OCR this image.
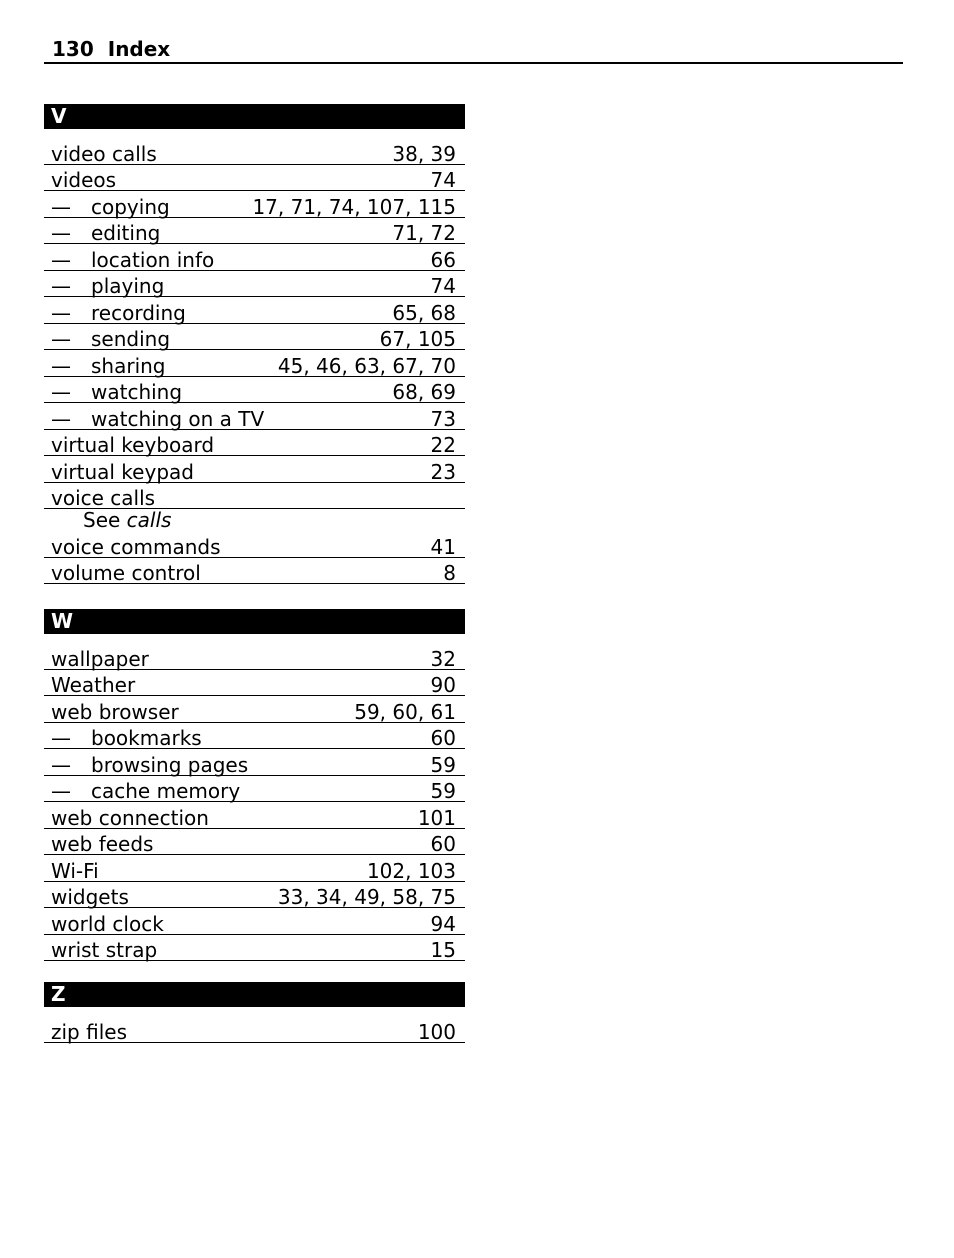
130 Index
V
video calls	38, 39
videos	74
—	copying	17, 71, 74, 107, 115
—	editing	71, 72
—	location info	66
—	playing	74
—	recording	65, 68
—	sending	67, 105
—	sharing	45, 46, 63, 67, 70
—	watching	68, 69
—	watching on a TV	73
virtual keyboard	22
virtual keypad	23
voice calls
See calls
voice commands	41
volume control	8
W
wallpaper	32
Weather	90
web browser	59, 60, 61
—	bookmarks	60
—	browsing pages	59
—	cache memory	59
web connection	101
web feeds	60
Wi-Fi	102, 103
widgets	33, 34, 49, 58, 75
world clock	94
wrist strap	15
Z
zip files	100
